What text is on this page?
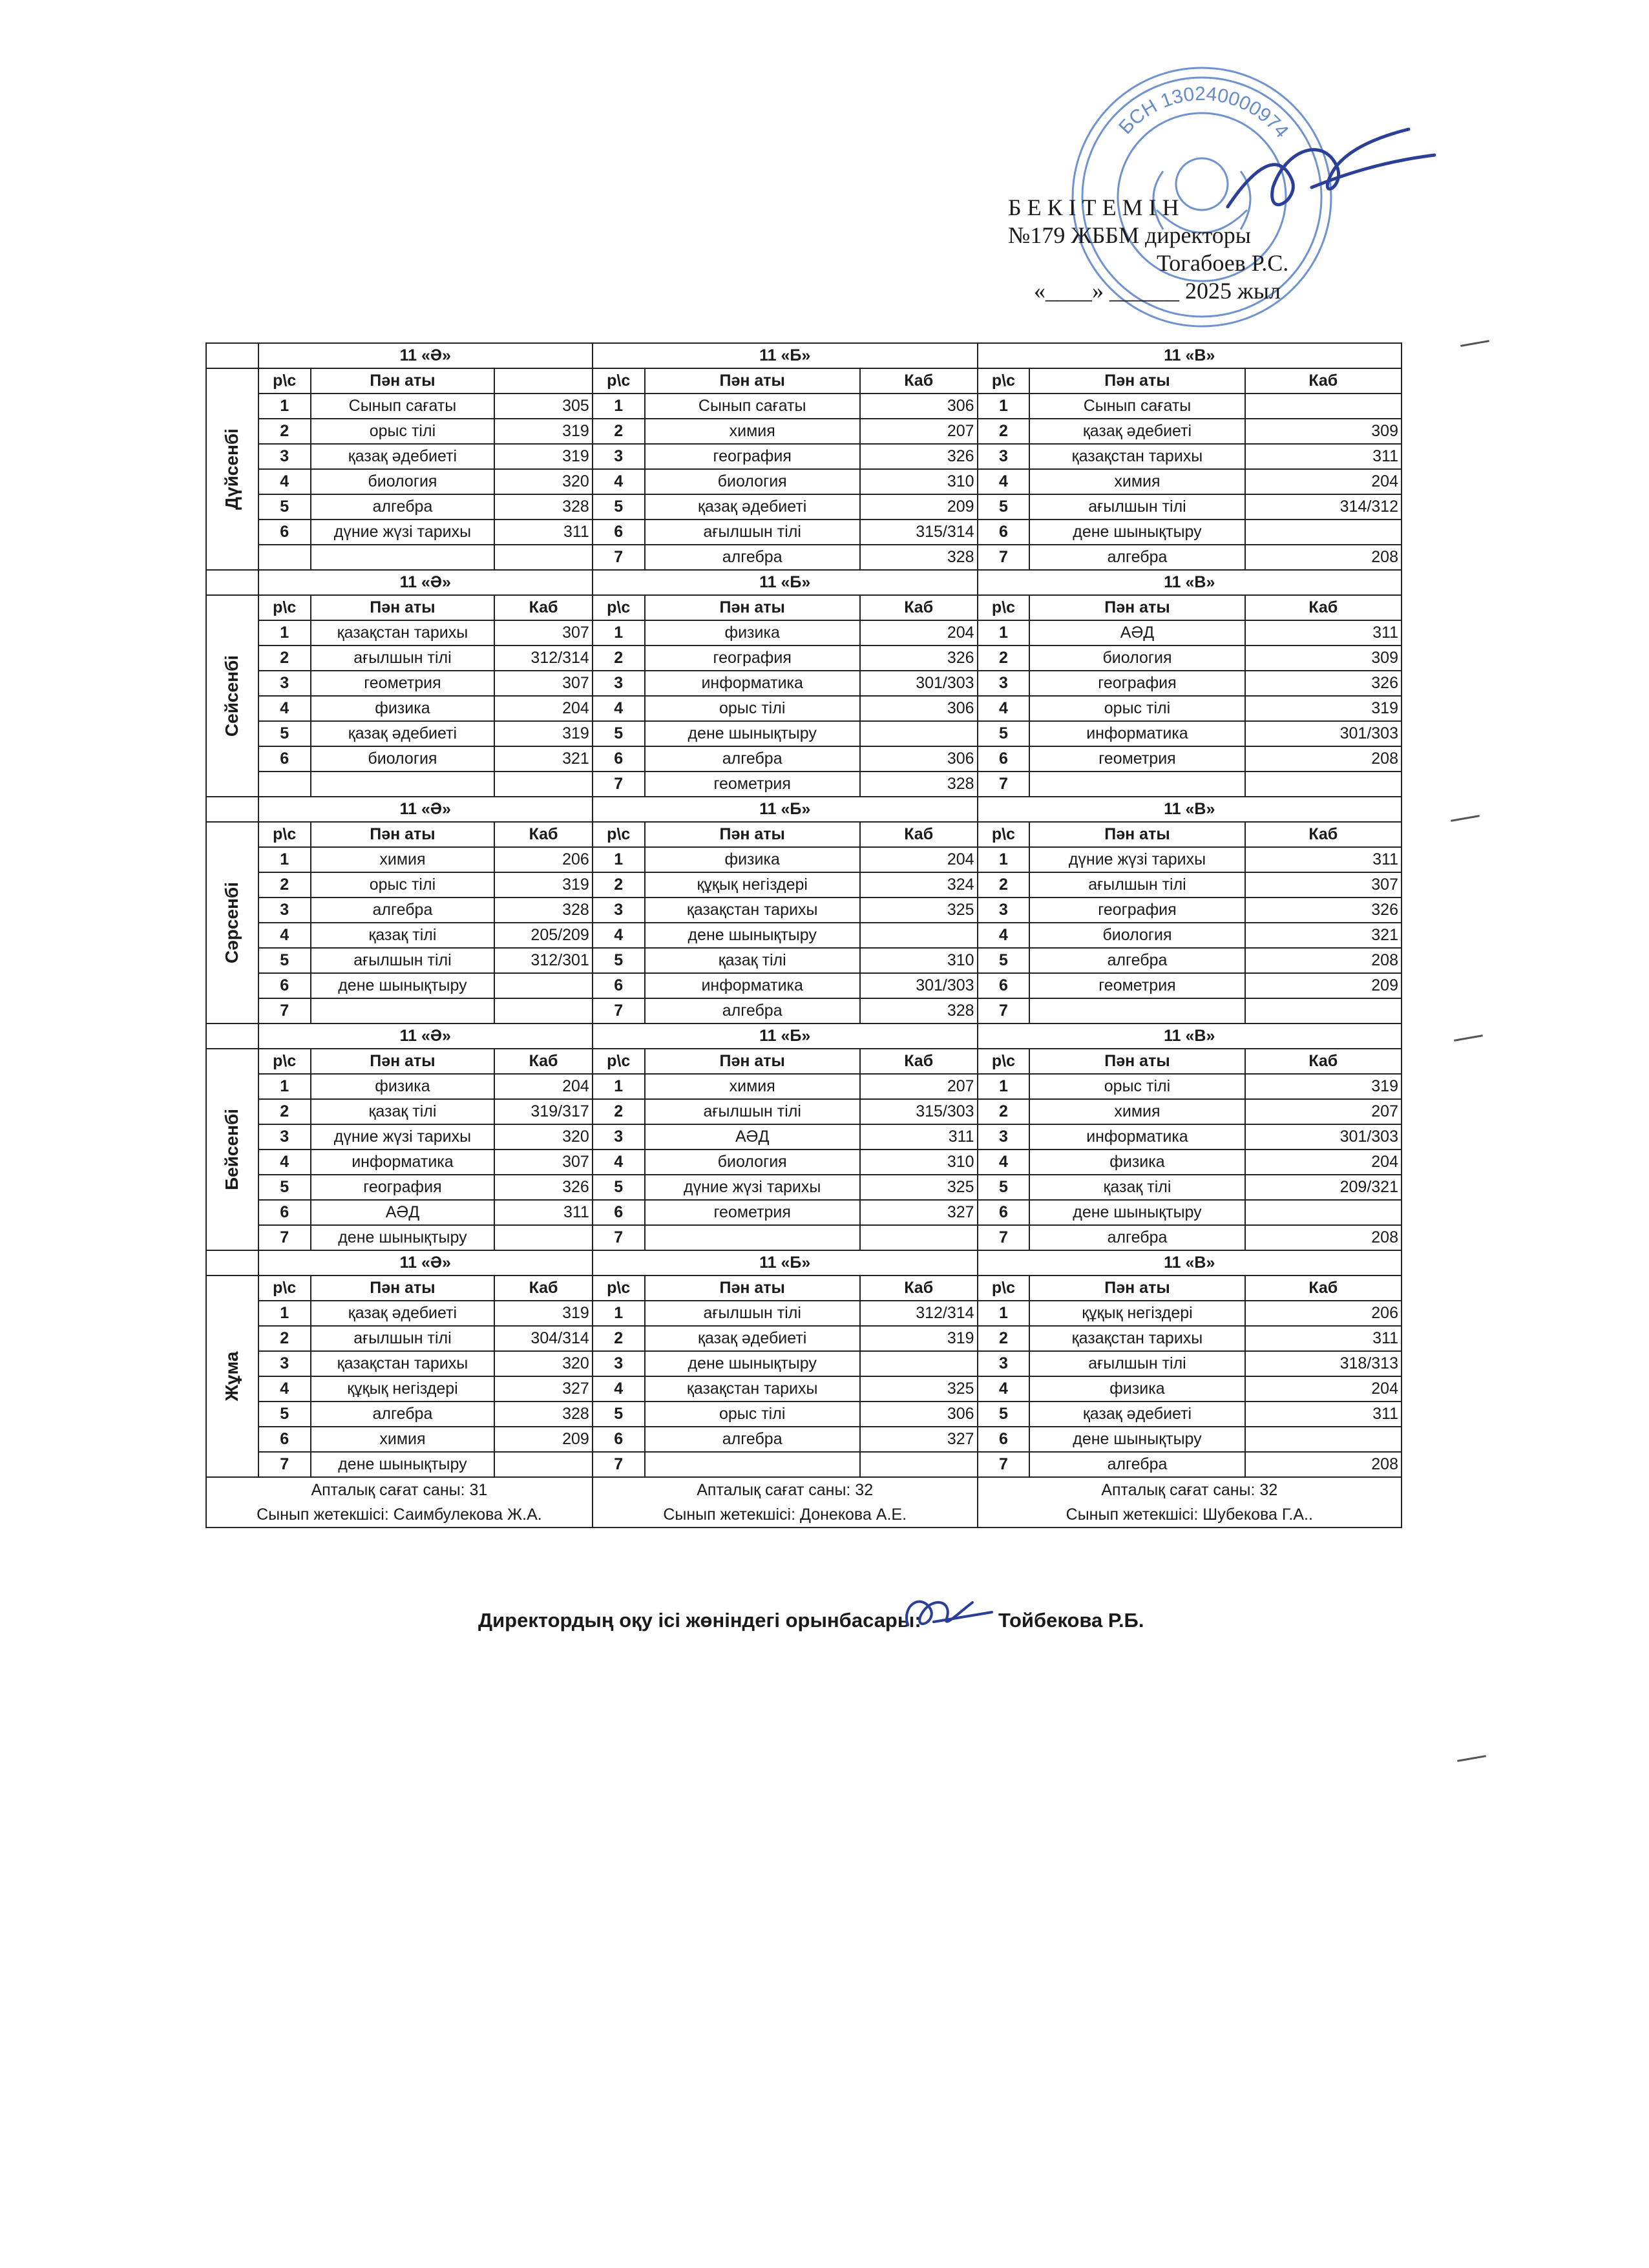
БСН 130240000974
БЕКІТЕМІН
№179 ЖББМ директоры
Тогабоев Р.С.
«____» ______ 2025 жыл
	11 «Ә»			11 «Б»			11 «В»		

Дүйсенбі	р\с	Пән аты		р\с	Пән аты	Каб	р\с	Пән аты	Каб
	1	Сынып сағаты	305	1	Сынып сағаты	306	1	Сынып сағаты	
	2	орыс тілі	319	2	химия	207	2	қазақ әдебиеті	309
	3	қазақ әдебиеті	319	3	география	326	3	қазақстан тарихы	311
	4	биология	320	4	биология	310	4	химия	204
	5	алгебра	328	5	қазақ әдебиеті	209	5	ағылшын тілі	314/312
	6	дүние жүзі тарихы	311	6	ағылшын тілі	315/314	6	дене шынықтыру	
				7	алгебра	328	7	алгебра	208
	11 «Ә»			11 «Б»			11 «В»		

Сейсенбі	р\с	Пән аты	Каб	р\с	Пән аты	Каб	р\с	Пән аты	Каб
	1	қазақстан тарихы	307	1	физика	204	1	АӘД	311
	2	ағылшын тілі	312/314	2	география	326	2	биология	309
	3	геометрия	307	3	информатика	301/303	3	география	326
	4	физика	204	4	орыс тілі	306	4	орыс тілі	319
	5	қазақ әдебиеті	319	5	дене шынықтыру		5	информатика	301/303
	6	биология	321	6	алгебра	306	6	геометрия	208
				7	геометрия	328	7		
	11 «Ә»			11 «Б»			11 «В»		

Сәрсенбі	р\с	Пән аты	Каб	р\с	Пән аты	Каб	р\с	Пән аты	Каб
	1	химия	206	1	физика	204	1	дүние жүзі тарихы	311
	2	орыс тілі	319	2	құқық негіздері	324	2	ағылшын тілі	307
	3	алгебра	328	3	қазақстан тарихы	325	3	география	326
	4	қазақ тілі	205/209	4	дене шынықтыру		4	биология	321
	5	ағылшын тілі	312/301	5	қазақ тілі	310	5	алгебра	208
	6	дене шынықтыру		6	информатика	301/303	6	геометрия	209
	7			7	алгебра	328	7		
	11 «Ә»			11 «Б»			11 «В»		

Бейсенбі	р\с	Пән аты	Каб	р\с	Пән аты	Каб	р\с	Пән аты	Каб
	1	физика	204	1	химия	207	1	орыс тілі	319
	2	қазақ тілі	319/317	2	ағылшын тілі	315/303	2	химия	207
	3	дүние жүзі тарихы	320	3	АӘД	311	3	информатика	301/303
	4	информатика	307	4	биология	310	4	физика	204
	5	география	326	5	дүние жүзі тарихы	325	5	қазақ тілі	209/321
	6	АӘД	311	6	геометрия	327	6	дене шынықтыру	
	7	дене шынықтыру		7			7	алгебра	208
	11 «Ә»			11 «Б»			11 «В»		

Жұма	р\с	Пән аты	Каб	р\с	Пән аты	Каб	р\с	Пән аты	Каб
	1	қазақ әдебиеті	319	1	ағылшын тілі	312/314	1	құқық негіздері	206
	2	ағылшын тілі	304/314	2	қазақ әдебиеті	319	2	қазақстан тарихы	311
	3	қазақстан тарихы	320	3	дене шынықтыру		3	ағылшын тілі	318/313
	4	құқық негіздері	327	4	қазақстан тарихы	325	4	физика	204
	5	алгебра	328	5	орыс тілі	306	5	қазақ әдебиеті	311
	6	химия	209	6	алгебра	327	6	дене шынықтыру	
	7	дене шынықтыру		7			7	алгебра	208
Апталық сағат саны: 31				Апталық сағат саны: 32			Апталық сағат саны: 32		
Сынып жетекшісі: Саимбулекова Ж.А.				Сынып жетекшісі: Донекова А.Е.			Сынып жетекшісі: Шубекова Г.А..		
Директордың оқу ісі жөніндегі орынбасары:	Тойбекова Р.Б.
